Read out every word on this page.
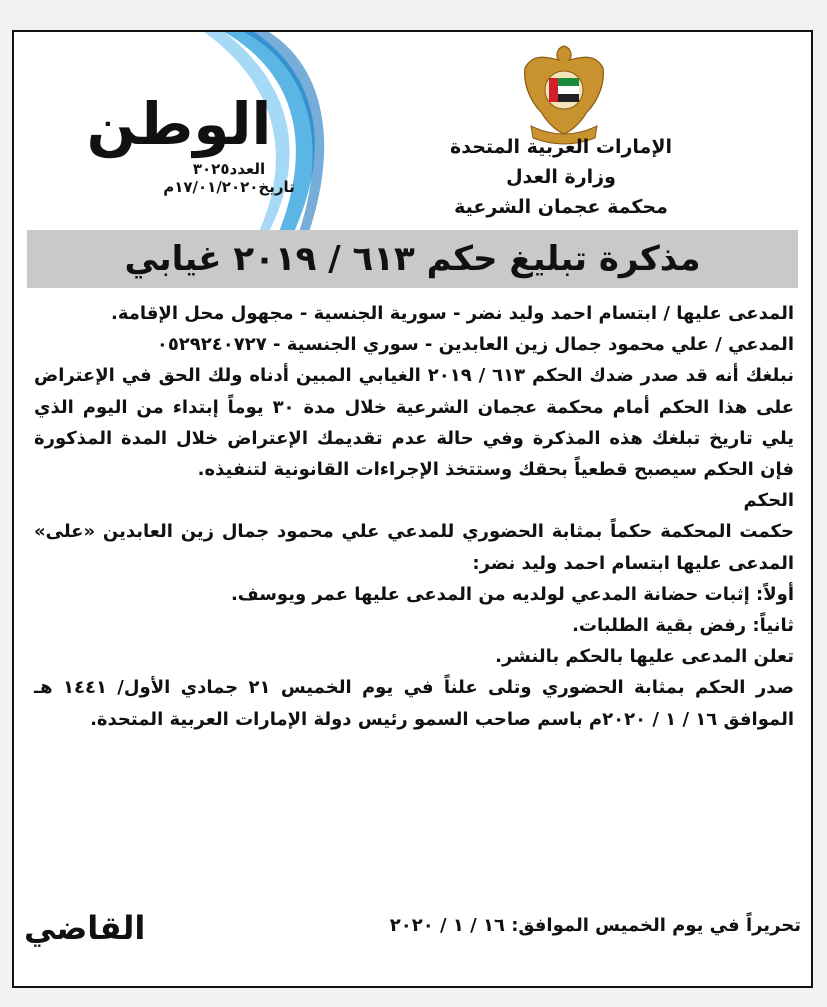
الإمارات العربية المتحدة
وزارة العدل
محكمة عجمان الشرعية
الوطن
العدد٣٠٢٥ تاريخ١٧/٠١/٢٠٢٠م
مذكرة تبليغ حكم ٦١٣ / ٢٠١٩ غيابي

المدعى عليها / ابتسام احمد وليد نضر - سورية الجنسية - مجهول محل الإقامة.

المدعي / علي محمود جمال زين العابدين - سوري الجنسية - ٠٥٢٩٢٤٠٧٢٧

نبلغك أنه قد صدر ضدك الحكم ٦١٣ / ٢٠١٩ الغيابي المبين أدناه ولك الحق في الإعتراض على هذا الحكم أمام محكمة عجمان الشرعية خلال مدة ٣٠ يوماً إبتداء من اليوم الذي يلي تاريخ تبلغك هذه المذكرة وفي حالة عدم تقديمك الإعتراض خلال المدة المذكورة فإن الحكم سيصبح قطعياً بحقك وستتخذ الإجراءات القانونية لتنفيذه.

الحكم

حكمت المحكمة حكماً بمثابة الحضوري للمدعي علي محمود جمال زين العابدين «على» المدعى عليها ابتسام احمد وليد نضر:

أولاً: إثبات حضانة المدعي لولديه من المدعى عليها عمر ويوسف.

ثانياً: رفض بقية الطلبات.

تعلن المدعى عليها بالحكم بالنشر.

صدر الحكم بمثابة الحضوري وتلى علناً في يوم الخميس ٢١ جمادي الأول/ ١٤٤١ هـ الموافق ١٦ / ١ / ٢٠٢٠م باسم صاحب السمو رئيس دولة الإمارات العربية المتحدة.

تحريراً في يوم الخميس الموافق: ١٦ / ١ / ٢٠٢٠
القاضي
